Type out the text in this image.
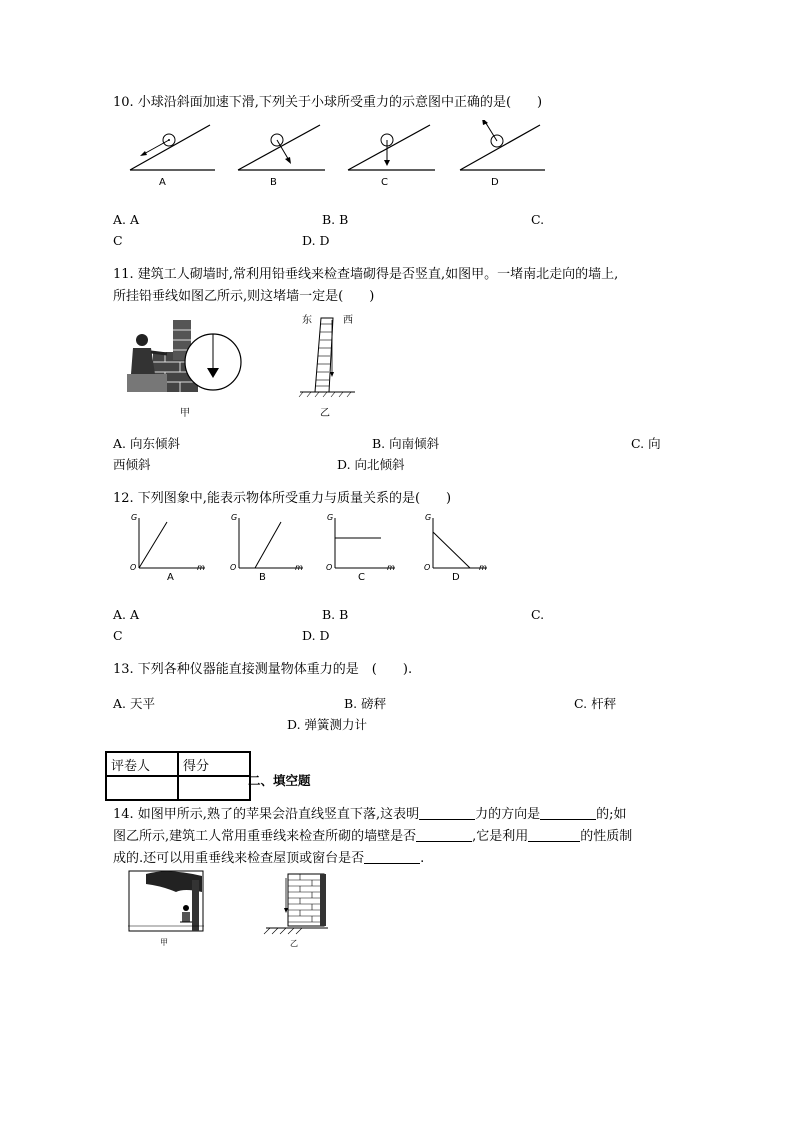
10. 小球沿斜面加速下滑,下列关于小球所受重力的示意图中正确的是(　　)
A	B	C	D
A. A	B. B	C.
C	D. D
11. 建筑工人砌墙时,常利用铅垂线来检查墙砌得是否竖直,如图甲。一堵南北走向的墙上,
所挂铅垂线如图乙所示,则这堵墙一定是(　　)
甲
东	西
乙
A. 向东倾斜	B. 向南倾斜	C. 向
西倾斜	D. 向北倾斜
12. 下列图象中,能表示物体所受重力与质量关系的是(　　)
G	G	G	G
O	O	O	O
m	m	m	m
A	B	C	D
A. A	B. B	C.
C	D. D
13. 下列各种仪器能直接测量物体重力的是　(　　).
A. 天平	B. 磅秤	C. 杆秤
D. 弹簧测力计
评卷人	得分

二、填空题
14. 如图甲所示,熟了的苹果会沿直线竖直下落,这表明	力的方向是	的;如
图乙所示,建筑工人常用重垂线来检查所砌的墙壁是否	,它是利用	的性质制
成的.还可以用重垂线来检查屋顶或窗台是否	.
甲	乙
